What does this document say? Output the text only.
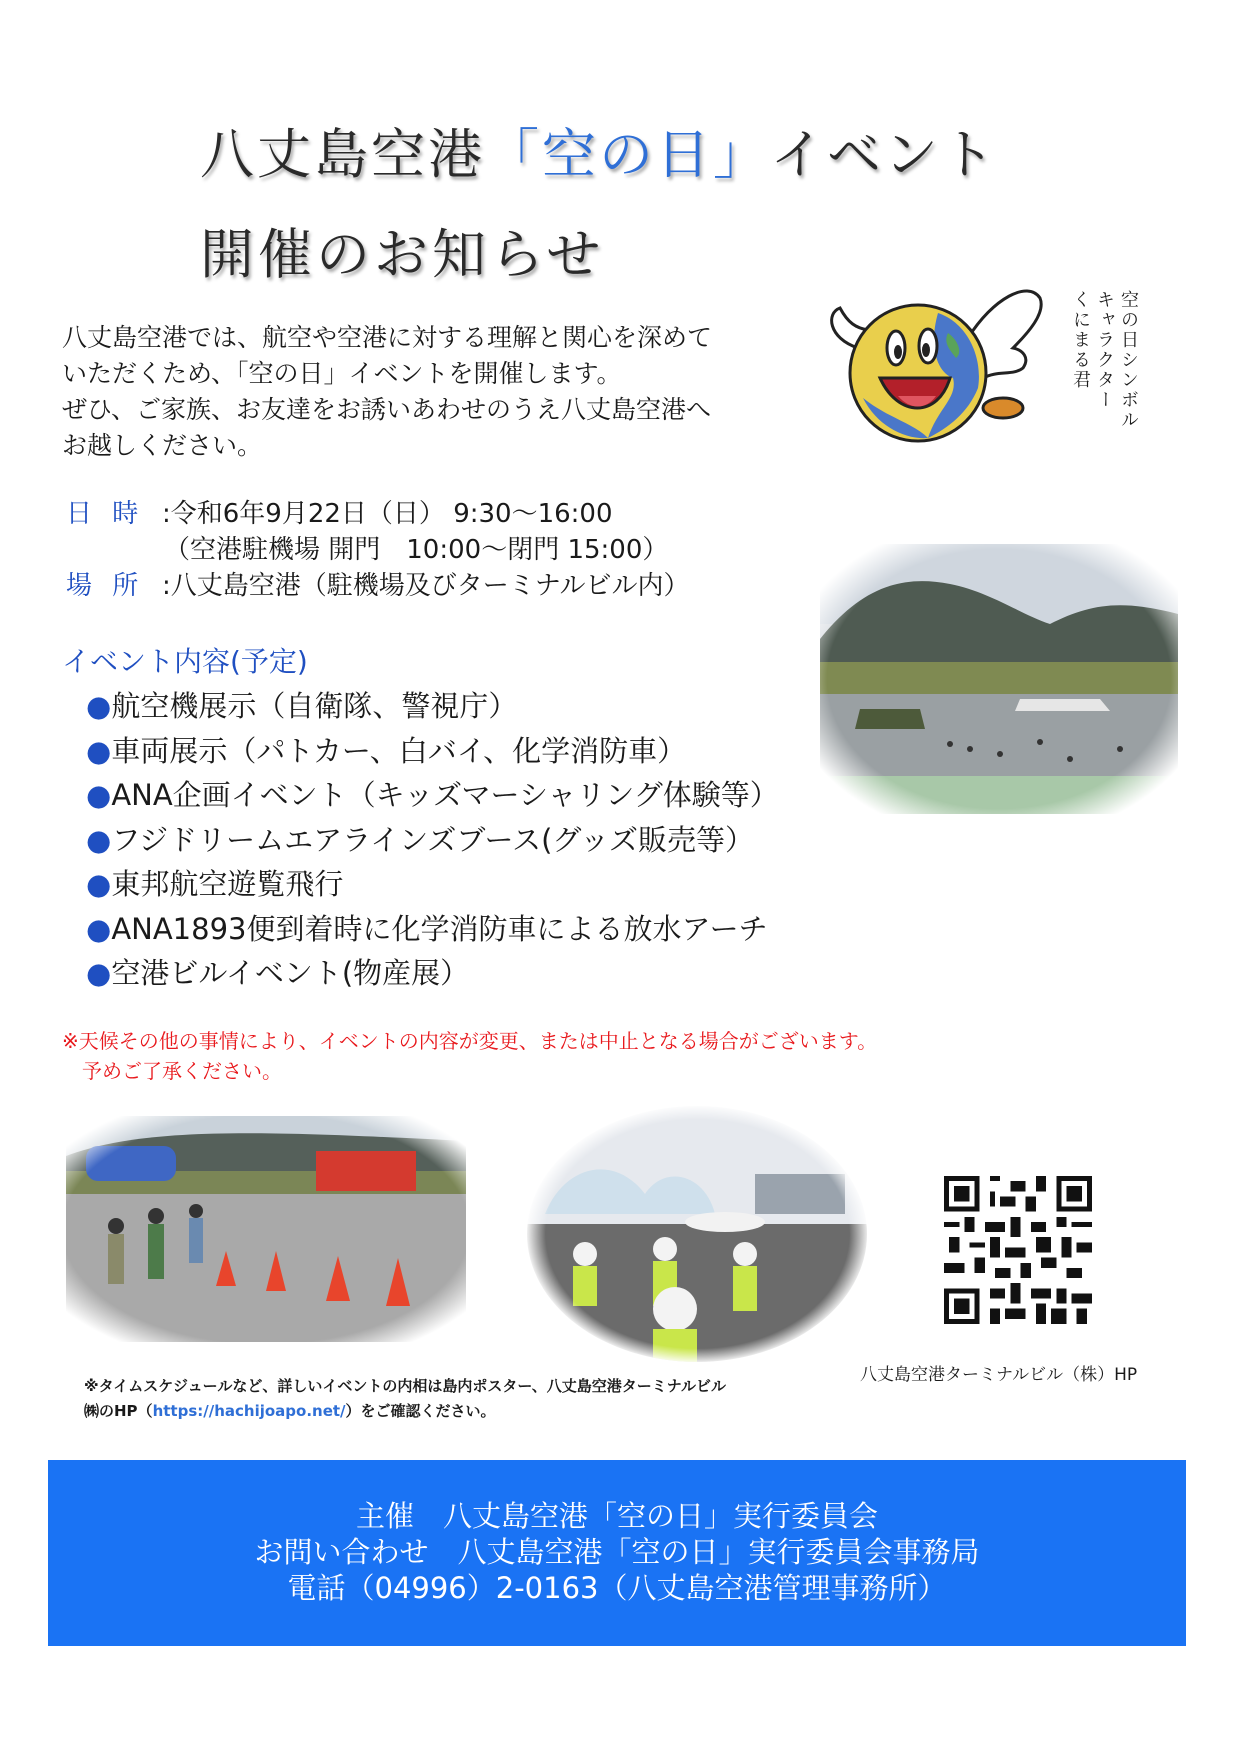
八丈島空港「空の日」イベント
開催のお知らせ
八丈島空港では、航空や空港に対する理解と関心を深めて
いただくため、「空の日」イベントを開催します。
ぜひ、ご家族、お友達をお誘いあわせのうえ八丈島空港へ
お越しください。
空の日シンボル
キャラクター
くにまる君
日 時 :令和6年9月22日（日） 9:30〜16:00
（空港駐機場 開門　10:00〜閉門 15:00）
場 所 :八丈島空港（駐機場及びターミナルビル内）
イベント内容(予定)
●航空機展示（自衛隊、警視庁）
●車両展示（パトカー、白バイ、化学消防車）
●ANA企画イベント（キッズマーシャリング体験等）
●フジドリームエアラインズブース(グッズ販売等）
●東邦航空遊覧飛行
●ANA1893便到着時に化学消防車による放水アーチ
●空港ビルイベント(物産展）
※天候その他の事情により、イベントの内容が変更、または中止となる場合がございます。
　予めご了承ください。
八丈島空港ターミナルビル（株）HP
※タイムスケジュールなど、詳しいイベントの内相は島内ポスター、八丈島空港ターミナルビル
㈱のHP（https://hachijoapo.net/）をご確認ください。
主催　八丈島空港「空の日」実行委員会
お問い合わせ　八丈島空港「空の日」実行委員会事務局
電話（04996）2-0163（八丈島空港管理事務所）
